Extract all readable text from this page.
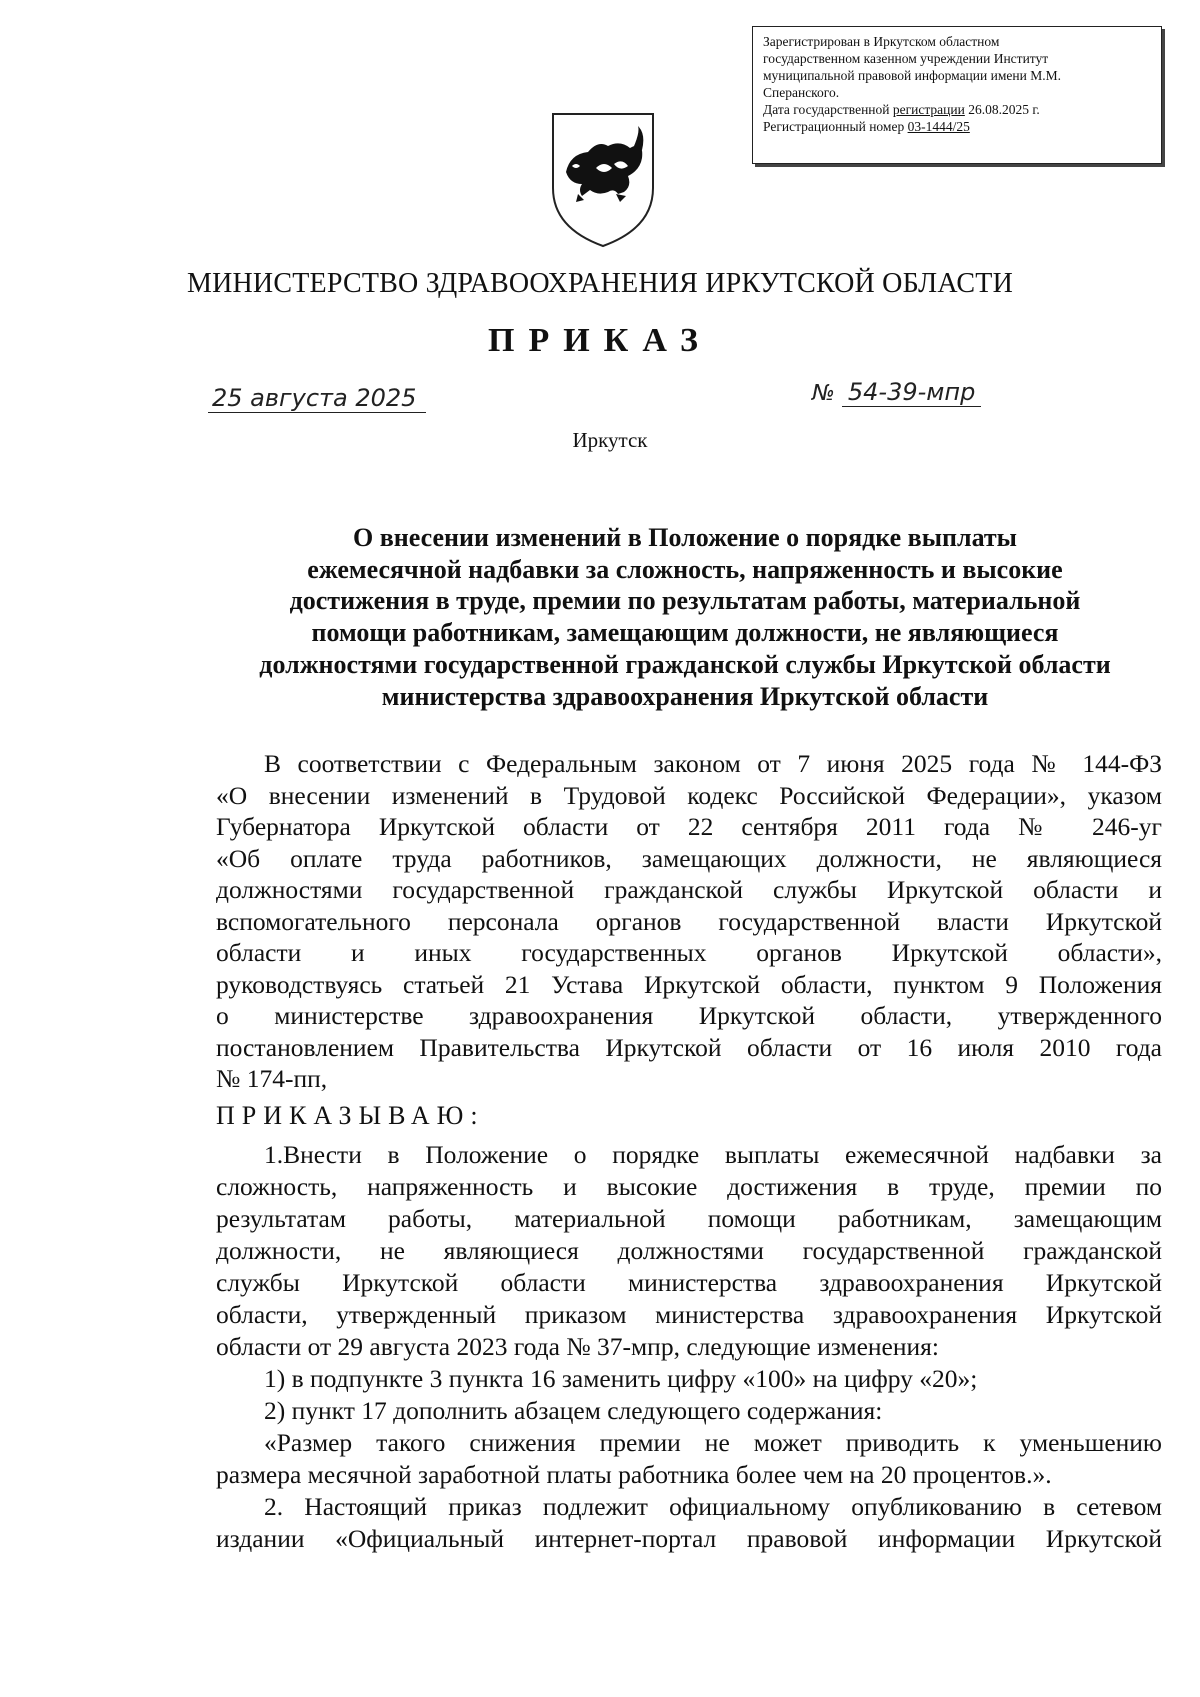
Зарегистрирован в Иркутском областном
государственном казенном учреждении Институт
муниципальной правовой информации имени М.М.
Сперанского.
Дата государственной регистрации 26.08.2025 г.
Регистрационный номер 03-1444/25
МИНИСТЕРСТВО ЗДРАВООХРАНЕНИЯ ИРКУТСКОЙ ОБЛАСТИ
ПРИКАЗ
25 августа 2025	№ 54-39-мпр
Иркутск
О внесении изменений в Положение о порядке выплаты
ежемесячной надбавки за сложность, напряженность и высокие
достижения в труде, премии по результатам работы, материальной
помощи работникам, замещающим должности, не являющиеся
должностями государственной гражданской службы Иркутской области
министерства здравоохранения Иркутской области
В соответствии с Федеральным законом от 7 июня 2025 года № 144-ФЗ
«О внесении изменений в Трудовой кодекс Российской Федерации», указом
Губернатора Иркутской области от 22 сентября 2011 года № 246-уг
«Об оплате труда работников, замещающих должности, не являющиеся
должностями государственной гражданской службы Иркутской области и
вспомогательного персонала органов государственной власти Иркутской
области и иных государственных органов Иркутской области»,
руководствуясь статьей 21 Устава Иркутской области, пунктом 9 Положения
о министерстве здравоохранения Иркутской области, утвержденного
постановлением Правительства Иркутской области от 16 июля 2010 года
№ 174-пп,
ПРИКАЗЫВАЮ:
1.Внести в Положение о порядке выплаты ежемесячной надбавки за
сложность, напряженность и высокие достижения в труде, премии по
результатам работы, материальной помощи работникам, замещающим
должности, не являющиеся должностями государственной гражданской
службы Иркутской области министерства здравоохранения Иркутской
области, утвержденный приказом министерства здравоохранения Иркутской
области от 29 августа 2023 года № 37-мпр, следующие изменения:
1) в подпункте 3 пункта 16 заменить цифру «100» на цифру «20»;
2) пункт 17 дополнить абзацем следующего содержания:
«Размер такого снижения премии не может приводить к уменьшению
размера месячной заработной платы работника более чем на 20 процентов.».
2. Настоящий приказ подлежит официальному опубликованию в сетевом
издании «Официальный интернет-портал правовой информации Иркутской
